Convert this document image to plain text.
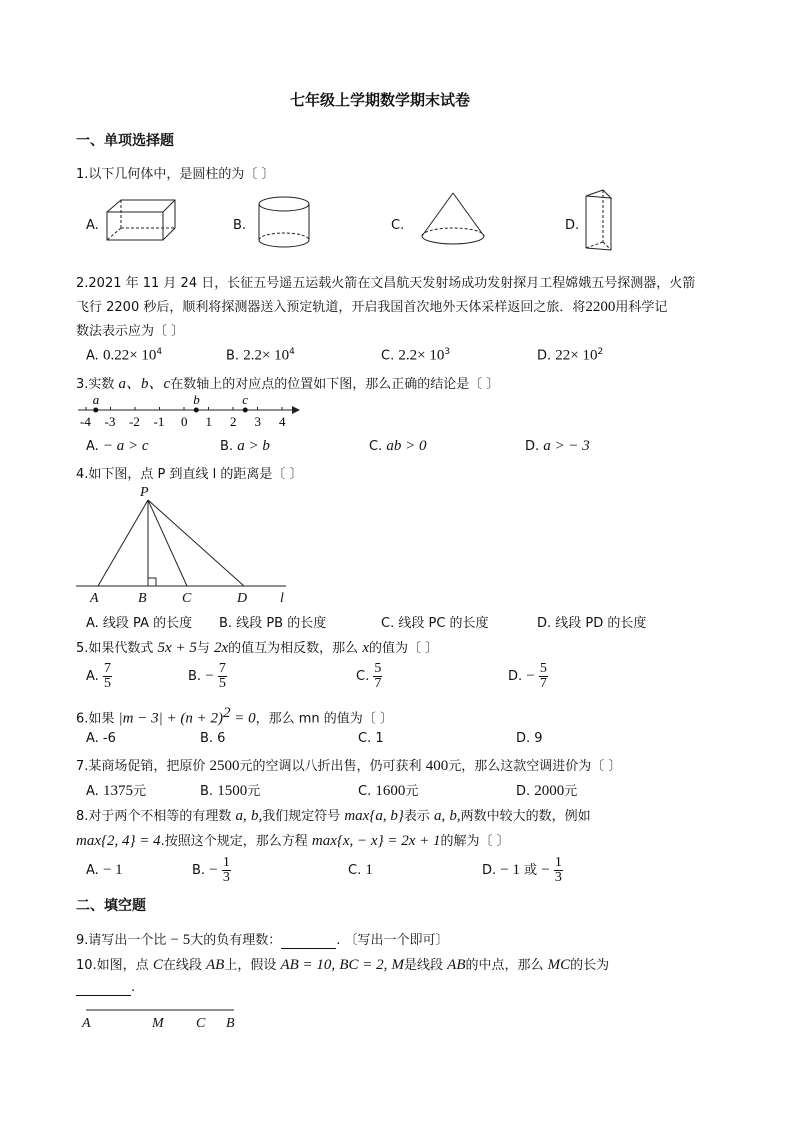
七年级上学期数学期末试卷
一、单项选择题
1.以下几何体中，是圆柱的为〔 〕
A.	B.	C.	D.
2.2021 年 11 月 24 日，长征五号遥五运载火箭在文昌航天发射场成功发射探月工程嫦娥五号探测器，火箭
飞行 2200 秒后，顺利将探测器送入预定轨道，开启我国首次地外天体采样返回之旅．将2200用科学记
数法表示应为〔 〕
A. $0.22\times 10^4$	B. $2.2\times 10^4$	C. $2.2\times 10^3$	D. $22\times 10^2$
3.实数 a、b、c在数轴上的对应点的位置如下图，那么正确的结论是〔 〕
-4 -3 -2 -1 0 1 2 3 4
a	b	c
A. − a > c	B. a > b	C. ab > 0	D. a > − 3
4.如下图，点 P 到直线 l 的距离是〔 〕
P
A	B	C	D l
A. 线段 PA 的长度 B. 线段 PB 的长度	C. 线段 PC 的长度	D. 线段 PD 的长度
5.如果代数式 5x + 5与 2x的值互为相反数，那么 x的值为〔 〕
A. $\frac{7}{5}$	B. − $\frac{7}{5}$	C. $\frac{5}{7}$	D. − $\frac{5}{7}$
6.如果 $|m - 3| + (n + 2)^2 = 0$，那么 mn 的值为〔 〕
A. -6	B. 6	C. 1	D. 9
7.某商场促销，把原价 2500元的空调以八折出售，仍可获利 400元，那么这款空调进价为〔 〕
A. 1375元	B. 1500元	C. 1600元	D. 2000元
8.对于两个不相等的有理数 a, b,我们规定符号 max{a, b}表示 a, b,两数中较大的数，例如
max{2, 4} = 4.按照这个规定，那么方程 max{x, − x} = 2x + 1的解为〔 〕
A. − 1	B. − $\frac{1}{3}$	C. 1	D. − 1 或 − $\frac{1}{3}$
二、填空题
9.请写出一个比 − 5大的负有理数：	. 〔写出一个即可〕
10.如图，点 C在线段 AB上，假设 AB = 10, BC = 2, M是线段 AB的中点，那么 MC的长为
.
A	M C B
